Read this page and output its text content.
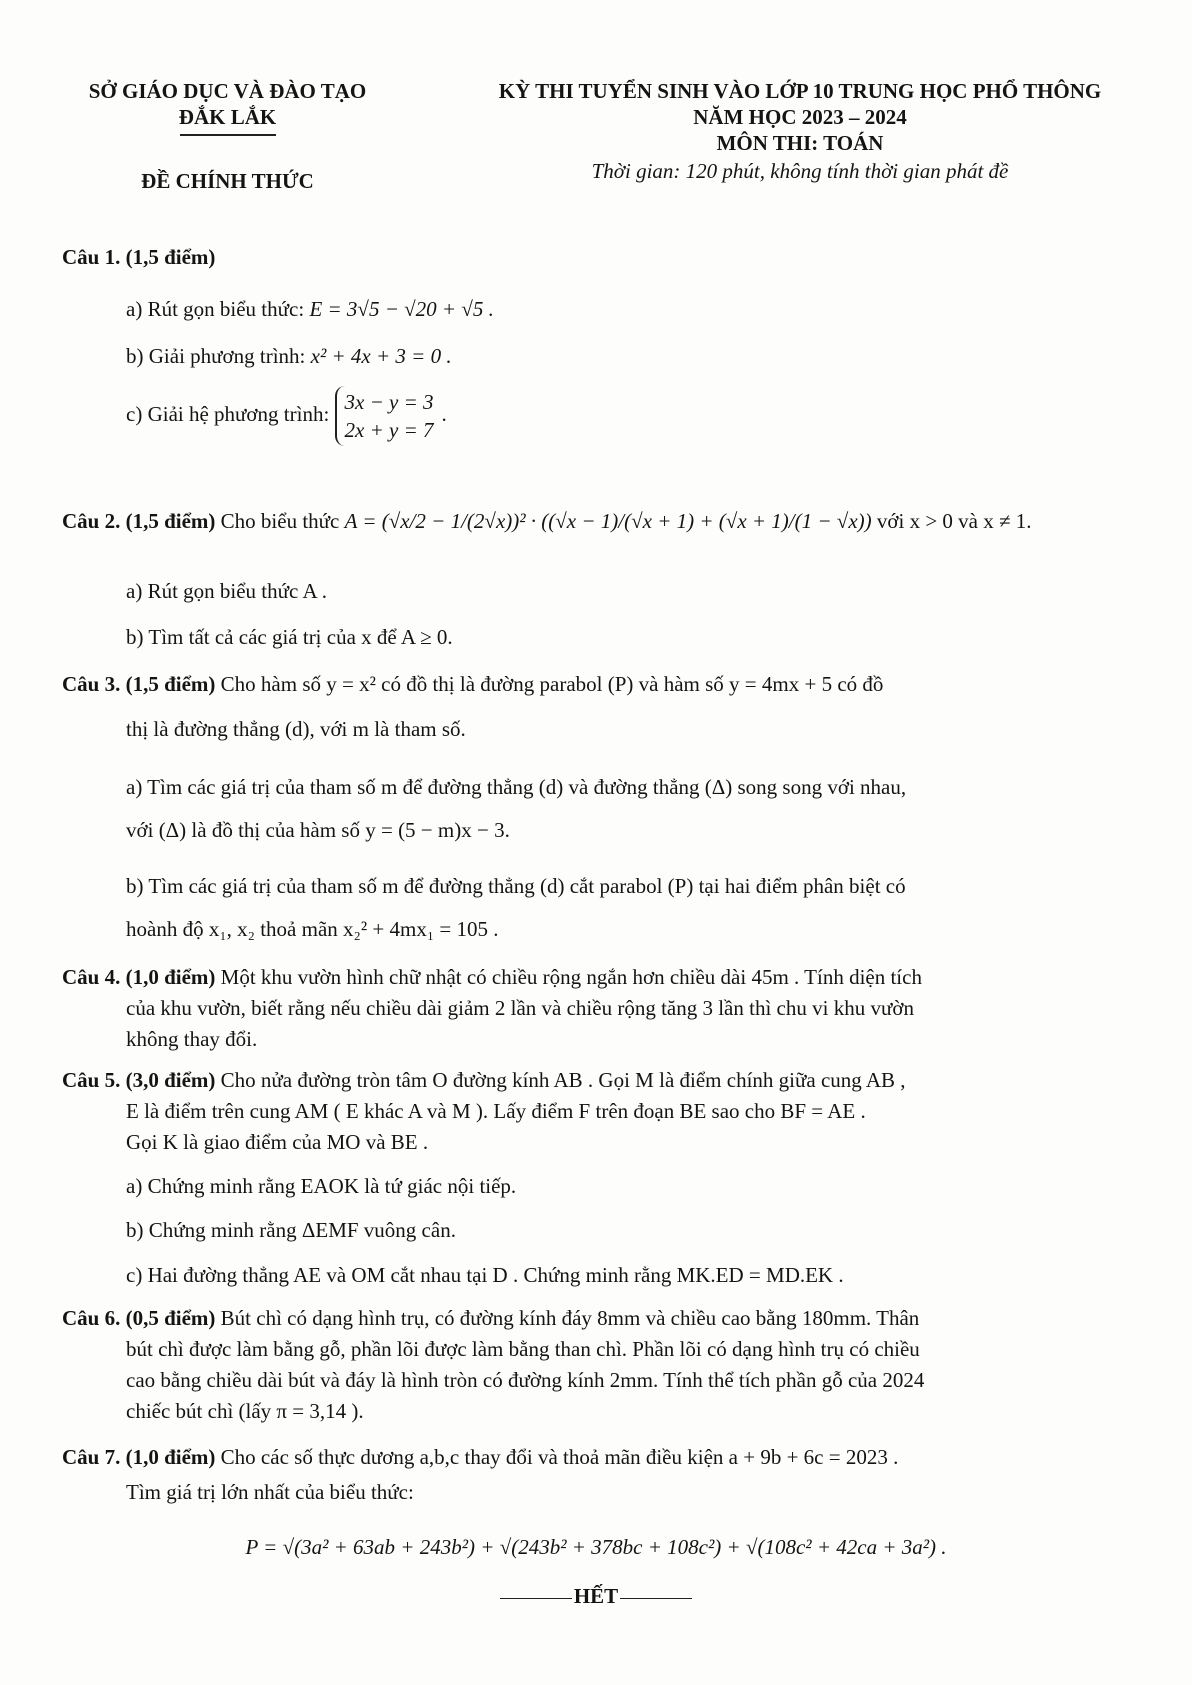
SỞ GIÁO DỤC VÀ ĐÀO TẠO
ĐẮK LẮK
ĐỀ CHÍNH THỨC
KỲ THI TUYỂN SINH VÀO LỚP 10 TRUNG HỌC PHỔ THÔNG
NĂM HỌC 2023 – 2024
MÔN THI: TOÁN
Thời gian: 120 phút, không tính thời gian phát đề
Câu 1. (1,5 điểm)
a) Rút gọn biểu thức: E = 3√5 − √20 + √5 .
b) Giải phương trình: x² + 4x + 3 = 0 .
c) Giải hệ phương trình: 3x − y = 3
2x + y = 7
.
Câu 2. (1,5 điểm) Cho biểu thức A = (√x/2 − 1/(2√x))² · ((√x − 1)/(√x + 1) + (√x + 1)/(1 − √x)) với x > 0 và x ≠ 1.
a) Rút gọn biểu thức A .
b) Tìm tất cả các giá trị của x để A ≥ 0.
Câu 3. (1,5 điểm) Cho hàm số y = x² có đồ thị là đường parabol (P) và hàm số y = 4mx + 5 có đồ
thị là đường thẳng (d), với m là tham số.
a) Tìm các giá trị của tham số m để đường thẳng (d) và đường thẳng (Δ) song song với nhau,
với (Δ) là đồ thị của hàm số y = (5 − m)x − 3.
b) Tìm các giá trị của tham số m để đường thẳng (d) cắt parabol (P) tại hai điểm phân biệt có
hoành độ x₁, x₂ thoả mãn x₂² + 4mx₁ = 105 .
Câu 4. (1,0 điểm) Một khu vườn hình chữ nhật có chiều rộng ngắn hơn chiều dài 45m . Tính diện tích
của khu vườn, biết rằng nếu chiều dài giảm 2 lần và chiều rộng tăng 3 lần thì chu vi khu vườn
không thay đổi.
Câu 5. (3,0 điểm) Cho nửa đường tròn tâm O đường kính AB . Gọi M là điểm chính giữa cung AB ,
E là điểm trên cung AM ( E khác A và M ). Lấy điểm F trên đoạn BE sao cho BF = AE .
Gọi K là giao điểm của MO và BE .
a) Chứng minh rằng EAOK là tứ giác nội tiếp.
b) Chứng minh rằng ΔEMF vuông cân.
c) Hai đường thẳng AE và OM cắt nhau tại D . Chứng minh rằng MK.ED = MD.EK .
Câu 6. (0,5 điểm) Bút chì có dạng hình trụ, có đường kính đáy 8mm và chiều cao bằng 180mm. Thân
bút chì được làm bằng gỗ, phần lõi được làm bằng than chì. Phần lõi có dạng hình trụ có chiều
cao bằng chiều dài bút và đáy là hình tròn có đường kính 2mm. Tính thể tích phần gỗ của 2024
chiếc bút chì (lấy π = 3,14 ).
Câu 7. (1,0 điểm) Cho các số thực dương a,b,c thay đổi và thoả mãn điều kiện a + 9b + 6c = 2023 .
Tìm giá trị lớn nhất của biểu thức:
P = √(3a² + 63ab + 243b²) + √(243b² + 378bc + 108c²) + √(108c² + 42ca + 3a²) .
HẾT
